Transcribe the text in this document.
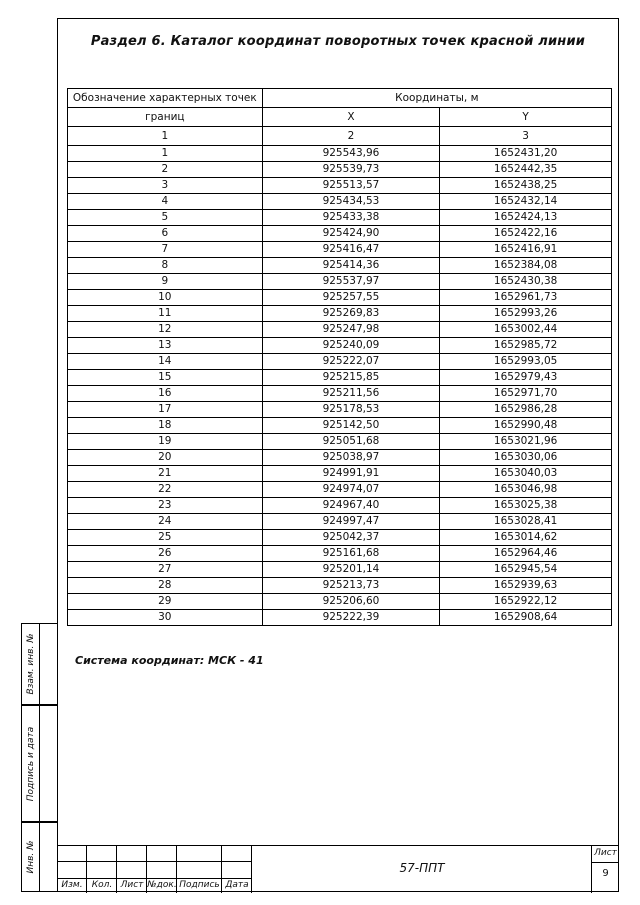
Раздел 6. Каталог координат поворотных точек красной линии
Обозначение характерных точек	Координаты, м	
границ	X	Y
1	2	3
1	925543,96	1652431,20
2	925539,73	1652442,35
3	925513,57	1652438,25
4	925434,53	1652432,14
5	925433,38	1652424,13
6	925424,90	1652422,16
7	925416,47	1652416,91
8	925414,36	1652384,08
9	925537,97	1652430,38
10	925257,55	1652961,73
11	925269,83	1652993,26
12	925247,98	1653002,44
13	925240,09	1652985,72
14	925222,07	1652993,05
15	925215,85	1652979,43
16	925211,56	1652971,70
17	925178,53	1652986,28
18	925142,50	1652990,48
19	925051,68	1653021,96
20	925038,97	1653030,06
21	924991,91	1653040,03
22	924974,07	1653046,98
23	924967,40	1653025,38
24	924997,47	1653028,41
25	925042,37	1653014,62
26	925161,68	1652964,46
27	925201,14	1652945,54
28	925213,73	1652939,63
29	925206,60	1652922,12
30	925222,39	1652908,64
Система координат: МСК - 41
Взам. инв. №
Подпись и дата
Инв. №
Изм.	Кол. Лист №док. Подпись Дата
57-ППТ
Лист
9
